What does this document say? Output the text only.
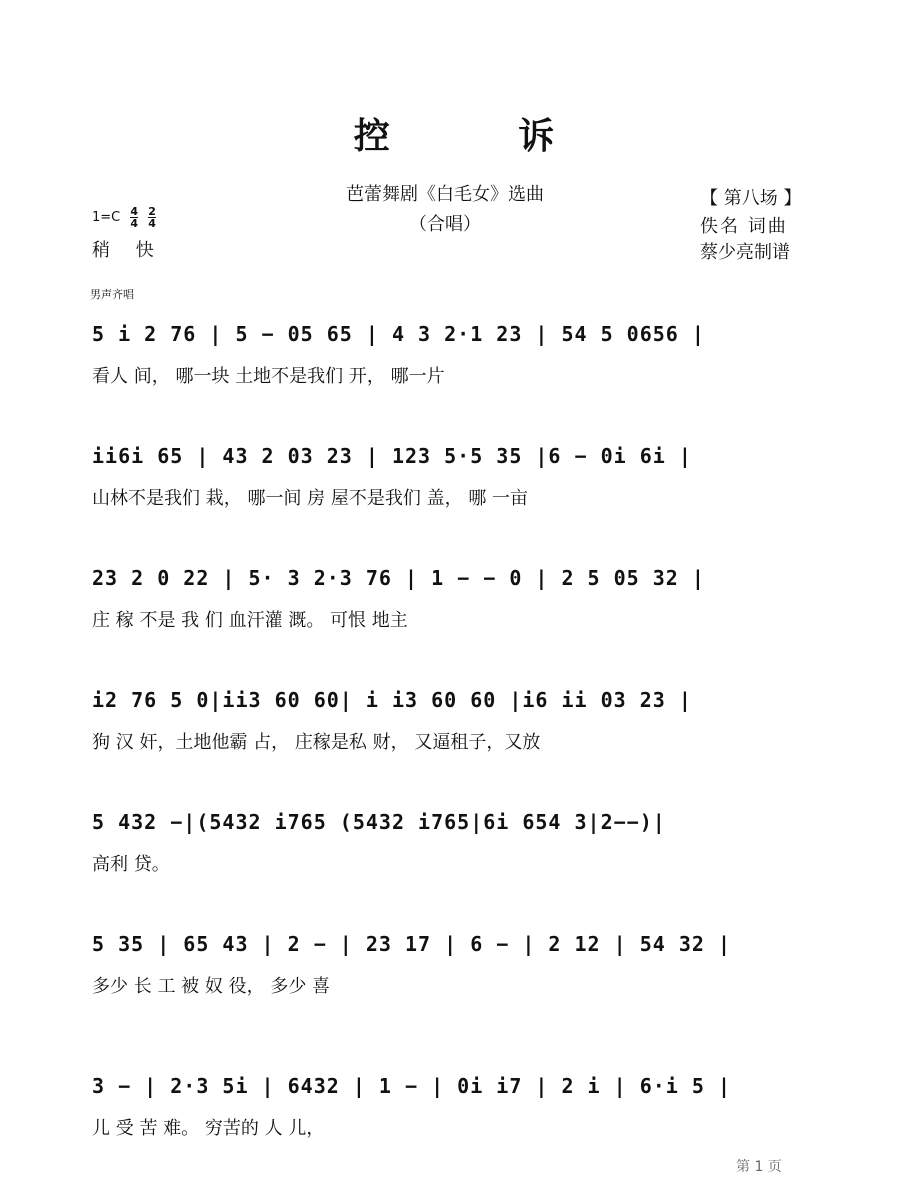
控 诉
芭蕾舞剧《白毛女》选曲
（合唱）
$1=C \frac{4}{4}$
$\frac{2}{4}$
稍 快
【 第八场 】
佚名 词曲
蔡少亮制谱
男声齐唱
5 i 2 76 | 5 − 05 65 | 4 3 2·1 23 | 54 5 0656 |
看人 间， 哪一块 土地不是我们 开， 哪一片
ii6i 65 | 43 2 03 23 | 123 5·5 35 |6 − 0i 6i |
山林不是我们 栽， 哪一间 房 屋不是我们 盖， 哪 一亩
23 2 0 22 | 5· 3 2·3 76 | 1 − − 0 | 2 5 05 32 |
庄 稼 不是 我 们 血汗灌 溉。 可恨 地主
i2 76 5 0|ii3 60 60| i i3 60 60 |i6 ii 03 23 |
狗 汉 奸，土地他霸 占， 庄稼是私 财， 又逼租子，又放
5 432 −|(5432 i765 (5432 i765|6i 654 3|2−−)|
高利 贷。
5 35 | 65 43 | 2 − | 23 17 | 6 − | 2 12 | 54 32 |
多少 长 工 被 奴 役， 多少 喜
3 − | 2·3 5i | 6432 | 1 − | 0i i7 | 2 i | 6·i 5 |
儿 受 苦 难。 穷苦的 人 儿，
第 1 页
